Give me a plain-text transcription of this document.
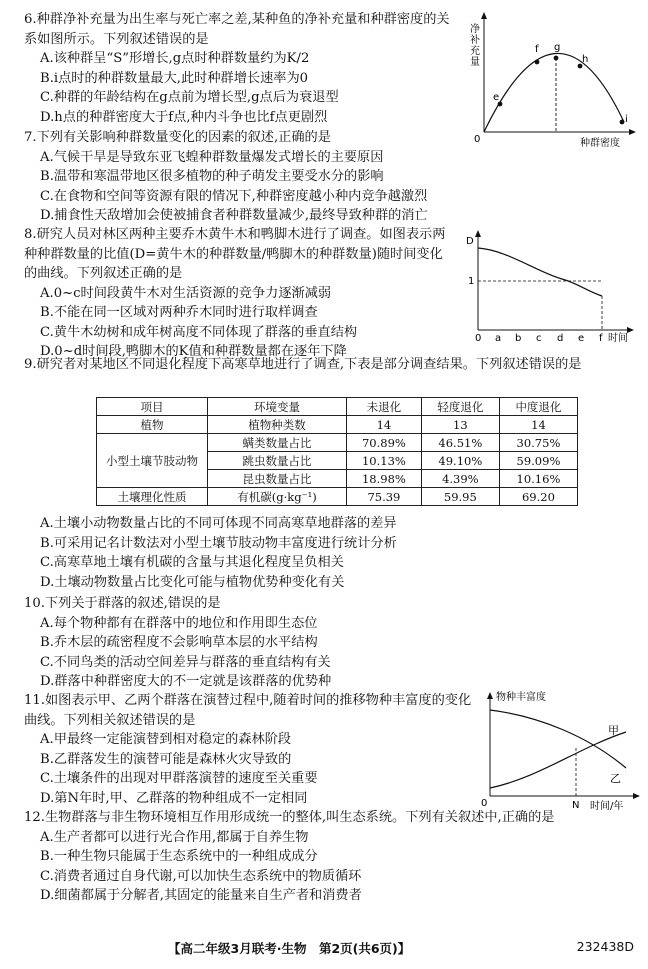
6.种群净补充量为出生率与死亡率之差,某种鱼的净补充量和种群密度的关系如图所示。下列叙述错误的是
A.该种群呈“S”形增长,g点时种群数量约为K/2
B.i点时的种群数量最大,此时种群增长速率为0
C.种群的年龄结构在g点前为增长型,g点后为衰退型
D.h点的种群密度大于f点,种内斗争也比f点更剧烈
净
补
充
量
0	种群密度
e
f g
h
i
7.下列有关影响种群数量变化的因素的叙述,正确的是
A.气候干旱是导致东亚飞蝗种群数量爆发式增长的主要原因
B.温带和寒温带地区很多植物的种子萌发主要受水分的影响
C.在食物和空间等资源有限的情况下,种群密度越小种内竞争越激烈
D.捕食性天敌增加会使被捕食者种群数量减少,最终导致种群的消亡
8.研究人员对林区两种主要乔木黄牛木和鸭脚木进行了调查。如图表示两种种群数量的比值(D=黄牛木的种群数量/鸭脚木的种群数量)随时间变化的曲线。下列叙述正确的是
A.0~c时间段黄牛木对生活资源的竞争力逐渐减弱
B.不能在同一区域对两种乔木同时进行取样调查
C.黄牛木幼树和成年树高度不同体现了群落的垂直结构
D.0~d时间段,鸭脚木的K值和种群数量都在逐年下降
D
1
0 a b c d e f 时间
9.研究者对某地区不同退化程度下高寒草地进行了调查,下表是部分调查结果。下列叙述错误的是
项目	环境变量	未退化	轻度退化	中度退化
植物	植物种类数	14	13	14
小型土壤节肢动物	螨类数量占比	70.89%	46.51%	30.75%
	跳虫数量占比	10.13%	49.10%	59.09%
	昆虫数量占比	18.98%	4.39%	10.16%
土壤理化性质	有机碳(g·kg⁻¹)	75.39	59.95	69.20
A.土壤小动物数量占比的不同可体现不同高寒草地群落的差异
B.可采用记名计数法对小型土壤节肢动物丰富度进行统计分析
C.高寒草地土壤有机碳的含量与其退化程度呈负相关
D.土壤动物数量占比变化可能与植物优势种变化有关
10.下列关于群落的叙述,错误的是
A.每个物种都有在群落中的地位和作用即生态位
B.乔木层的疏密程度不会影响草本层的水平结构
C.不同鸟类的活动空间差异与群落的垂直结构有关
D.群落中种群密度大的不一定就是该群落的优势种
11.如图表示甲、乙两个群落在演替过程中,随着时间的推移物种丰富度的变化曲线。下列相关叙述错误的是
A.甲最终一定能演替到相对稳定的森林阶段
B.乙群落发生的演替可能是森林火灾导致的
C.土壤条件的出现对甲群落演替的速度至关重要
D.第N年时,甲、乙群落的物种组成不一定相同
物种丰富度
0
甲
乙
N 时间/年
12.生物群落与非生物环境相互作用形成统一的整体,叫生态系统。下列有关叙述中,正确的是
A.生产者都可以进行光合作用,都属于自养生物
B.一种生物只能属于生态系统中的一种组成成分
C.消费者通过自身代谢,可以加快生态系统中的物质循环
D.细菌都属于分解者,其固定的能量来自生产者和消费者
【高二年级3月联考·生物　第2页(共6页)】	232438D
